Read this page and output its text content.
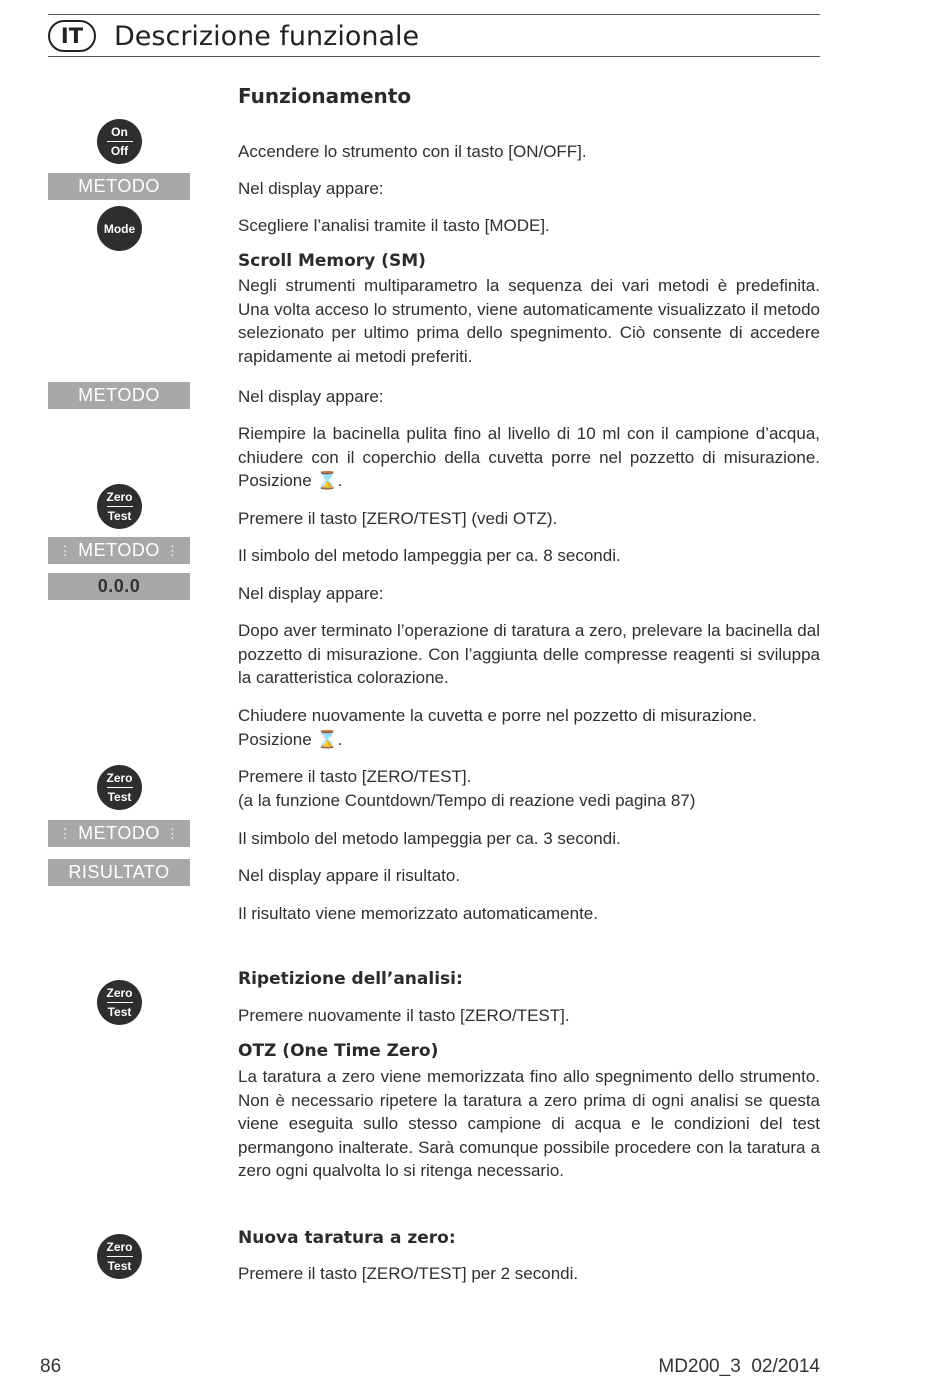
IT	Descrizione funzionale
Funzionamento
On
Off	Accendere lo strumento con il tasto [ON/OFF].
METODO	Nel display appare:
Mode	Scegliere l’analisi tramite il tasto [MODE].
Scroll Memory (SM)
Negli strumenti multiparametro la sequenza dei vari metodi è predefinita. Una volta acceso lo strumento, viene automaticamente visualizzato il metodo selezionato per ultimo prima dello spegnimento. Ciò consente di accedere rapidamente ai metodi preferiti.
METODO	Nel display appare:
Riempire la bacinella pulita fino al livello di 10 ml con il campione d’acqua, chiudere con il coperchio della cuvetta porre nel pozzetto di misurazione. Posizione ⌛.
Zero
Test	Premere il tasto [ZERO/TEST] (vedi OTZ).
⋮ METODO ⋮	Il simbolo del metodo lampeggia per ca. 8 secondi.
0.0.0	Nel display appare:
Dopo aver terminato l’operazione di taratura a zero, prelevare la bacinella dal pozzetto di misurazione. Con l’aggiunta delle compresse reagenti si sviluppa la caratteristica colorazione.
Chiudere nuovamente la cuvetta e porre nel pozzetto di misurazione. Posizione ⌛.
Zero
Test
Premere il tasto [ZERO/TEST].
(a la funzione Countdown/Tempo di reazione vedi pagina 87)
⋮ METODO ⋮	Il simbolo del metodo lampeggia per ca. 3 secondi.
RISULTATO	Nel display appare il risultato.
Il risultato viene memorizzato automaticamente.
Zero
Test
Ripetizione dell’analisi:
Premere nuovamente il tasto [ZERO/TEST].
OTZ (One Time Zero)
La taratura a zero viene memorizzata fino allo spegnimento dello strumento. Non è necessario ripetere la taratura a zero prima di ogni analisi se questa viene eseguita sullo stesso campione di acqua e le condizioni del test permangono inalterate. Sarà comunque possibile procedere con la taratura a zero ogni qualvolta lo si ritenga necessario.
Zero
Test
Nuova taratura a zero:
Premere il tasto [ZERO/TEST] per 2 secondi.
86	MD200_3  02/2014
